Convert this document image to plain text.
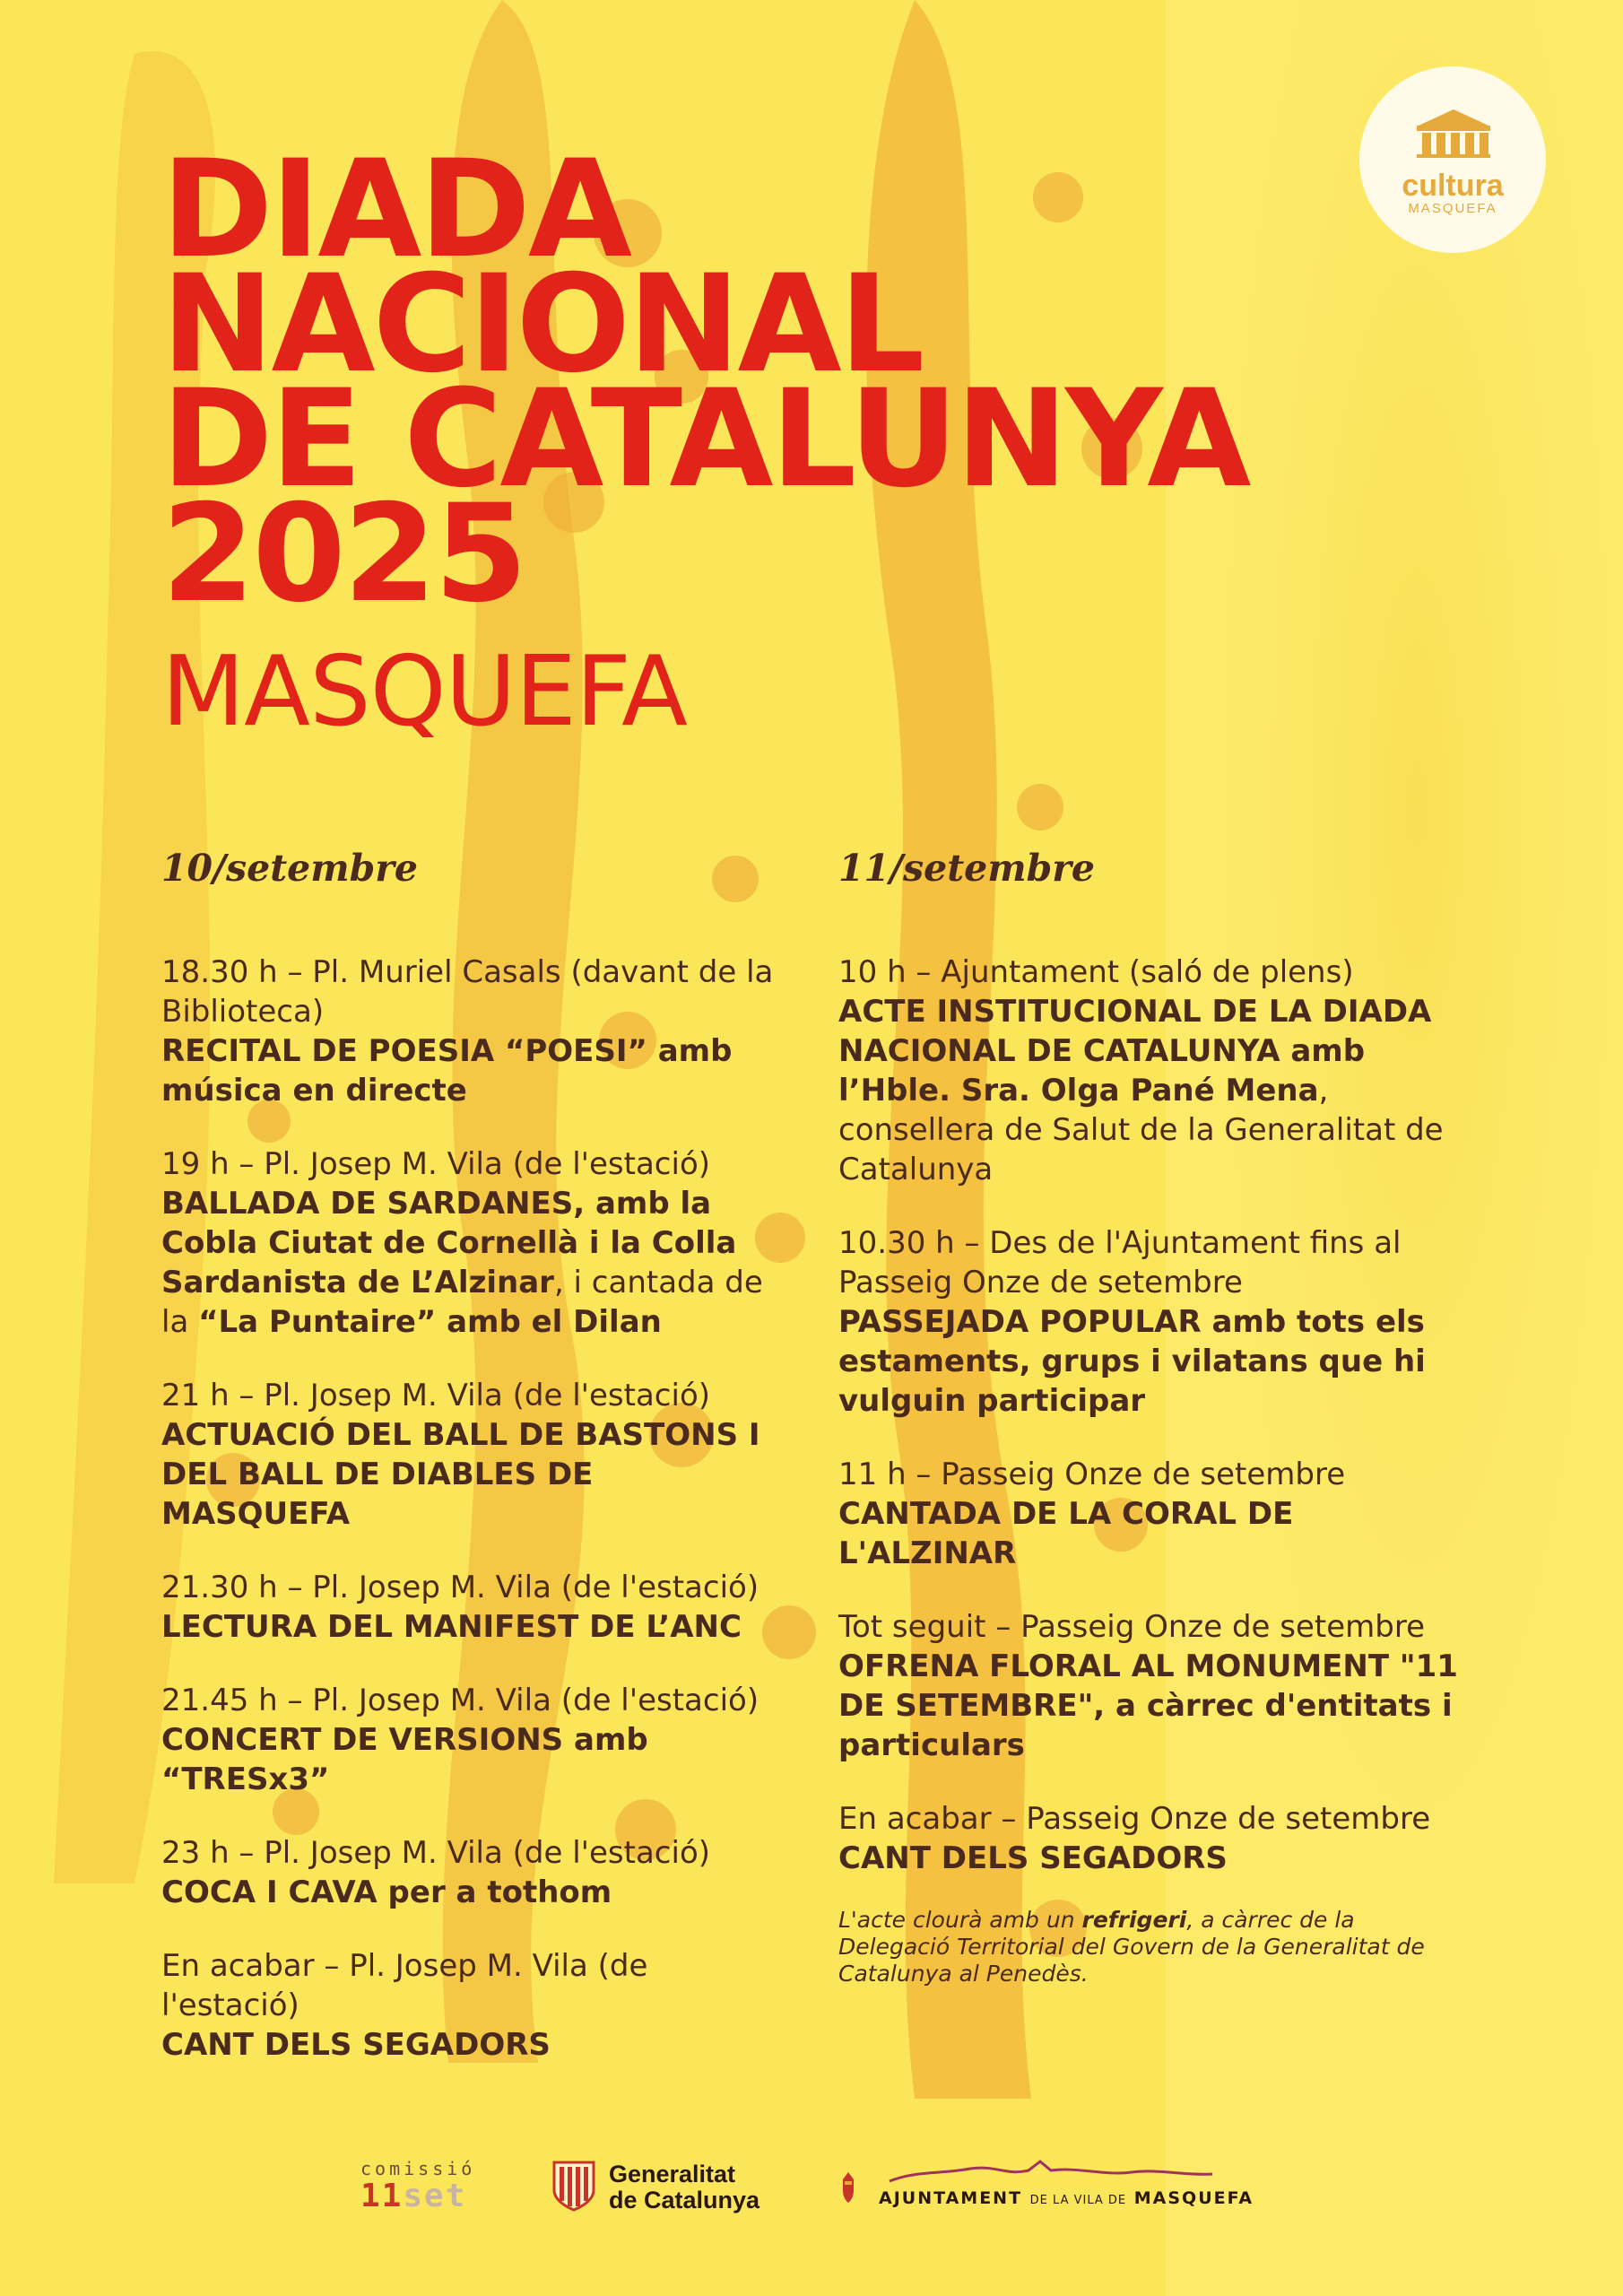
DIADA
NACIONAL
DE CATALUNYA
2025
MASQUEFA
cultura
MASQUEFA
10/setembre
18.30 h – Pl. Muriel Casals (davant de la Biblioteca)
RECITAL DE POESIA “POESI” amb música en directe
19 h – Pl. Josep M. Vila (de l'estació)
BALLADA DE SARDANES, amb la Cobla Ciutat de Cornellà i la Colla Sardanista de L’Alzinar, i cantada de la “La Puntaire” amb el Dilan
21 h – Pl. Josep M. Vila (de l'estació)
ACTUACIÓ DEL BALL DE BASTONS I DEL BALL DE DIABLES DE MASQUEFA
21.30 h – Pl. Josep M. Vila (de l'estació)
LECTURA DEL MANIFEST DE L’ANC
21.45 h – Pl. Josep M. Vila (de l'estació)
CONCERT DE VERSIONS amb “TRESx3”
23 h – Pl. Josep M. Vila (de l'estació)
COCA I CAVA per a tothom
En acabar – Pl. Josep M. Vila (de l'estació)
CANT DELS SEGADORS
11/setembre
10 h – Ajuntament (saló de plens)
ACTE INSTITUCIONAL DE LA DIADA NACIONAL DE CATALUNYA amb l’Hble. Sra. Olga Pané Mena, consellera de Salut de la Generalitat de Catalunya
10.30 h – Des de l'Ajuntament fins al Passeig Onze de setembre
PASSEJADA POPULAR amb tots els estaments, grups i vilatans que hi vulguin participar
11 h – Passeig Onze de setembre
CANTADA DE LA CORAL DE L'ALZINAR
Tot seguit – Passeig Onze de setembre
OFRENA FLORAL AL MONUMENT "11 DE SETEMBRE", a càrrec d'entitats i particulars
En acabar – Passeig Onze de setembre
CANT DELS SEGADORS
L'acte clourà amb un refrigeri, a càrrec de la Delegació Territorial del Govern de la Generalitat de Catalunya al Penedès.
comissió
11set
Generalitat
de Catalunya	AJUNTAMENT DE LA VILA DE MASQUEFA
